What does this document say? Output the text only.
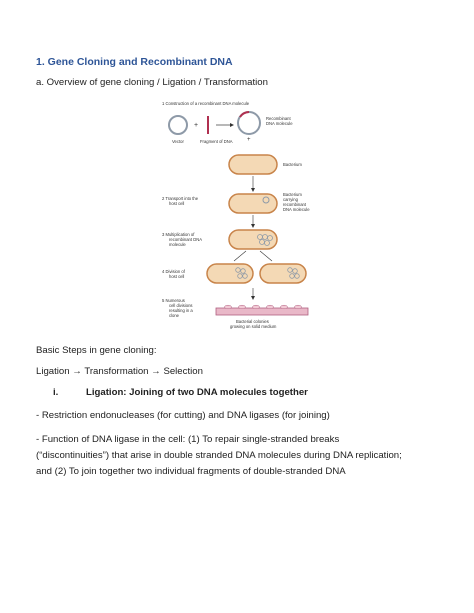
1. Gene Cloning and Recombinant DNA
a. Overview of gene cloning / Ligation / Transformation
1 Construction of a recombinant DNA molecule
Vector
+
Fragment of DNA
Recombinant
DNA molecule
+
Bacterium
2 Transport into the
host cell
Bacterium
carrying
recombinant
DNA molecule
3 Multiplication of
recombinant DNA
molecule
4 Division of
host cell
5 Numerous
cell divisions
resulting in a
clone
Bacterial colonies
growing on solid medium
Basic Steps in gene cloning:
Ligation → Transformation → Selection
i.	Ligation: Joining of two DNA molecules together
- Restriction endonucleases (for cutting) and DNA ligases (for joining)
- Function of DNA ligase in the cell: (1) To repair single-stranded breaks
(“discontinuities”) that arise in double stranded DNA molecules during DNA replication;
and (2) To join together two individual fragments of double-stranded DNA
